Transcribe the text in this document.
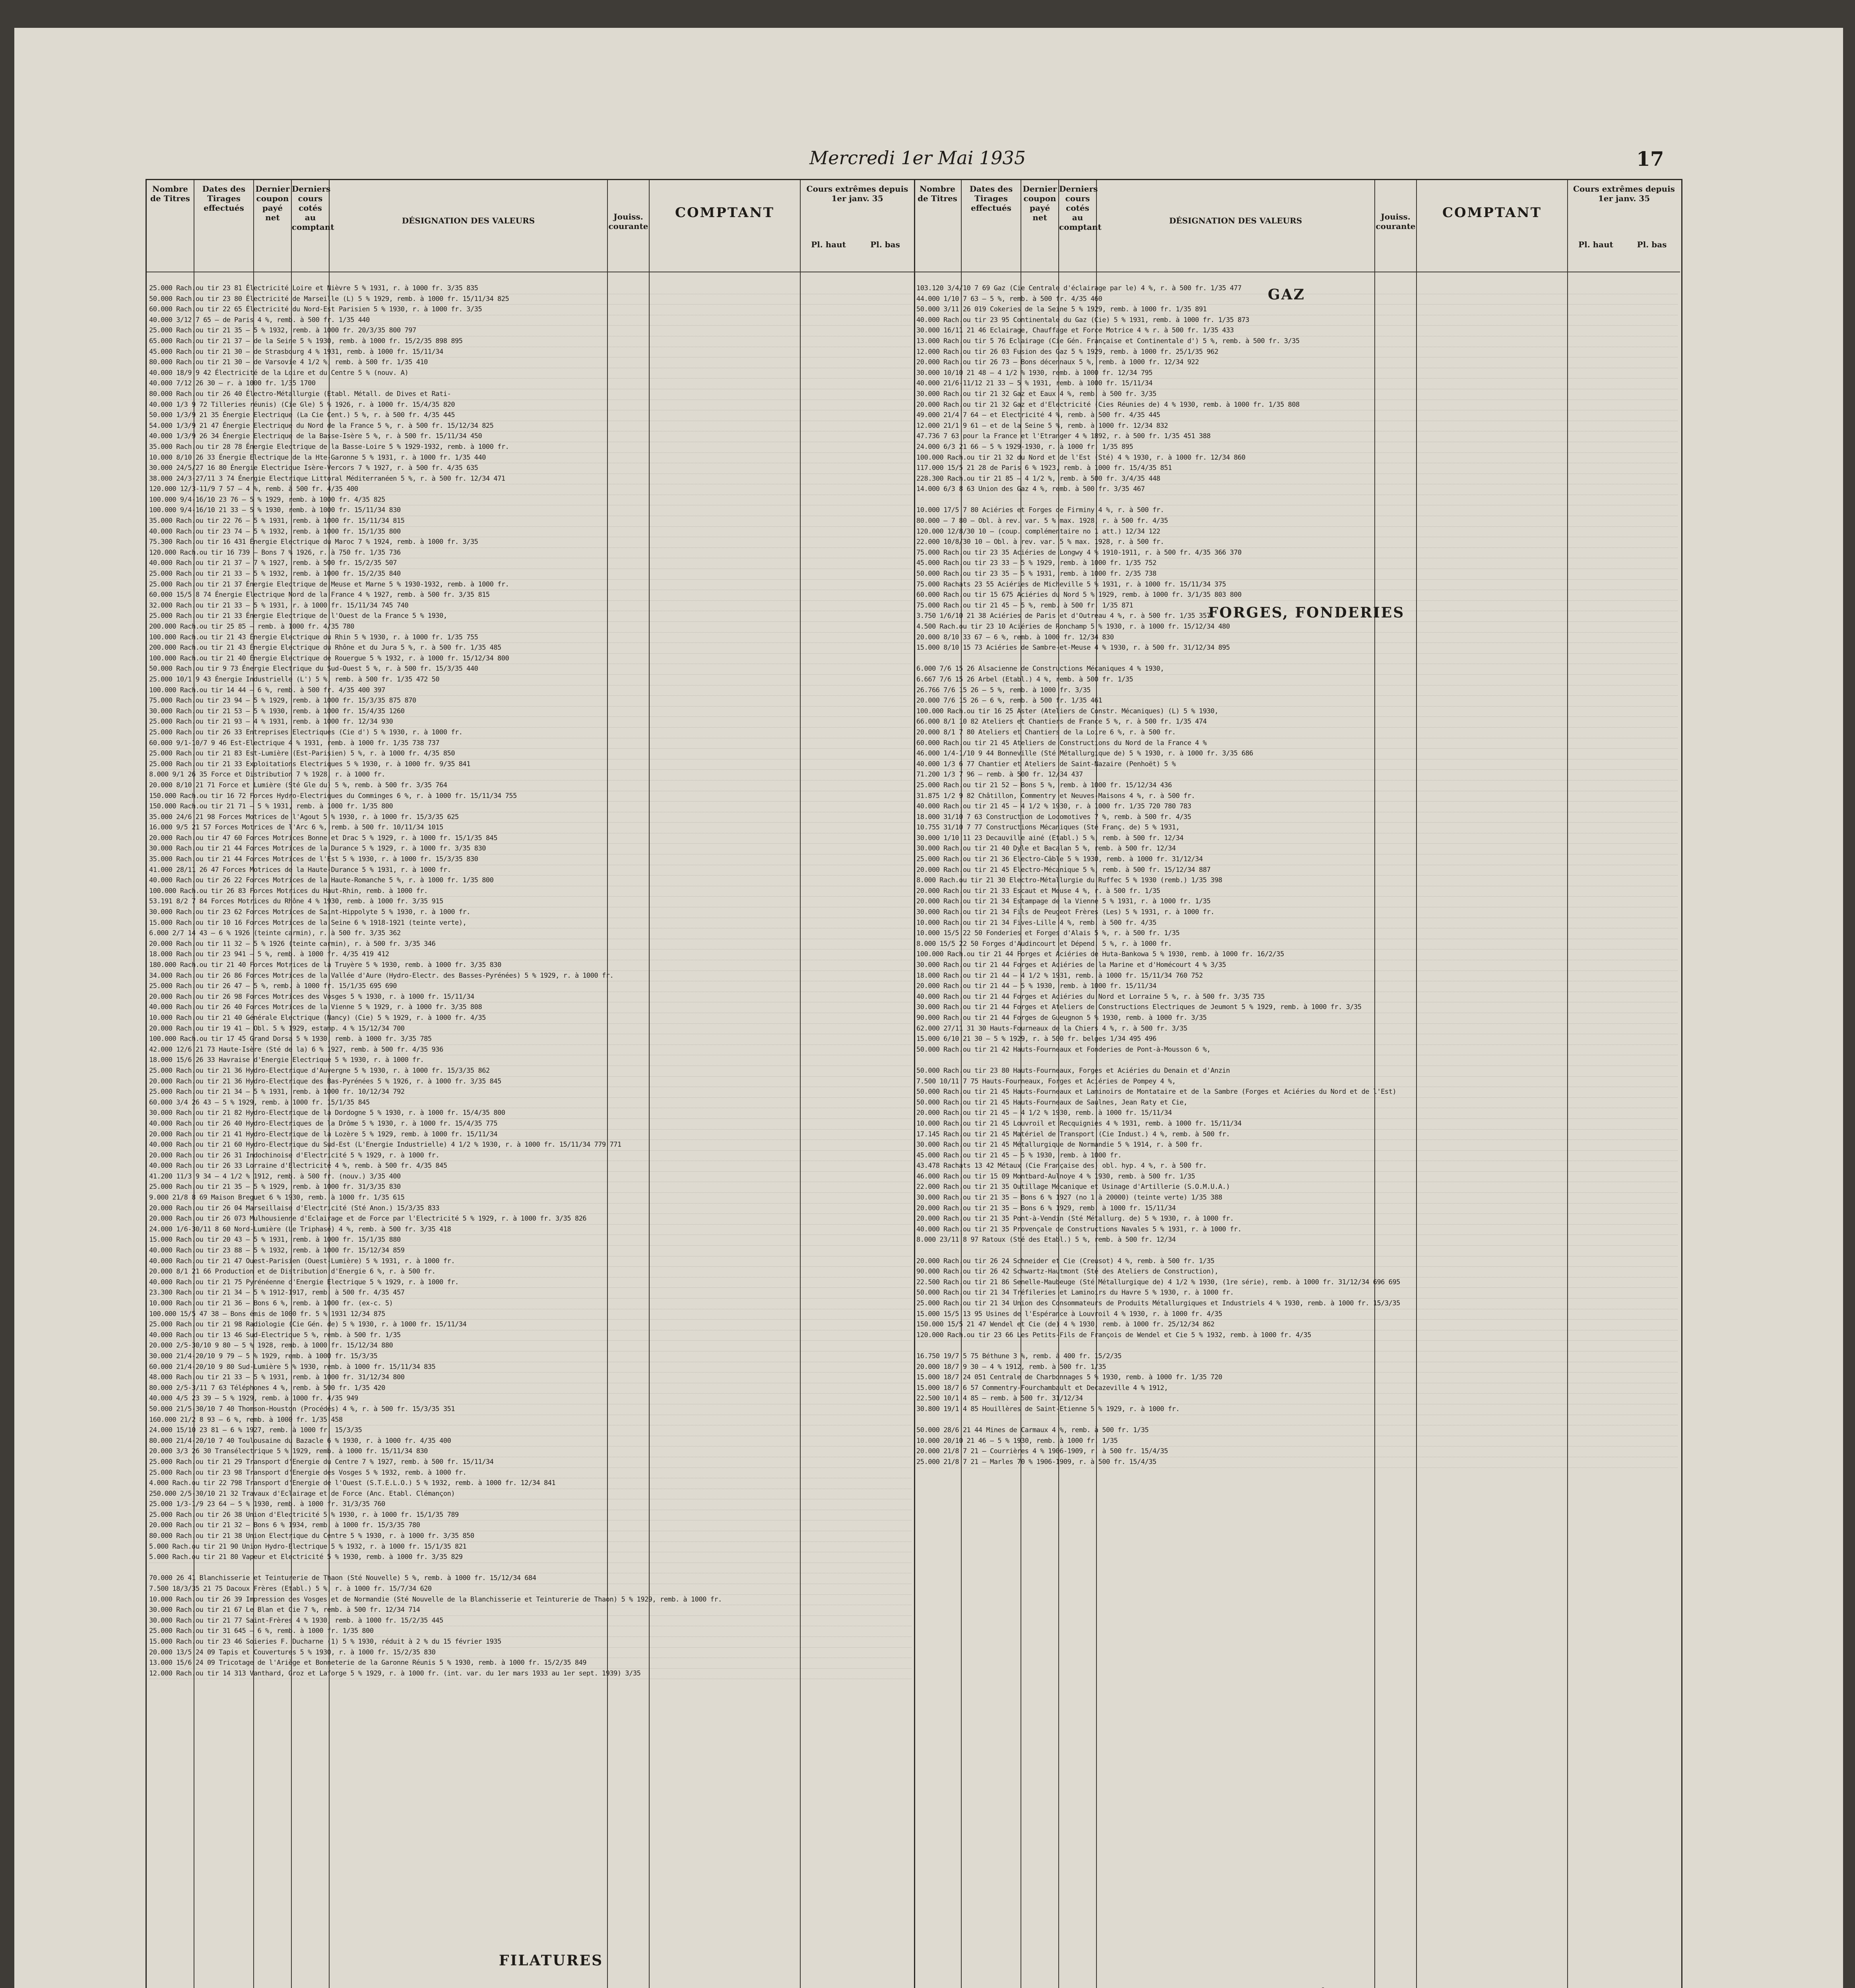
Mercredi 1er Mai 1935	17
Nombre de Titres
Dates des Tirages effectués
Dernier coupon payé net
Derniers cours cotés au comptant
DÉSIGNATION DES VALEURS	Jouiss. courante
COMPTANT
Cours extrêmes depuis 1er janv. 35
Pl. haut	Pl. bas
25.000 Rach.ou tir 23 81 Électricité Loire et Nièvre 5 % 1931, r. à 1000 fr. 3/35 835
50.000 Rach.ou tir 23 80 Électricité de Marseille (L) 5 % 1929, remb. à 1000 fr. 15/11/34 825
60.000 Rach.ou tir 22 65 Électricité du Nord-Est Parisien 5 % 1930, r. à 1000 fr. 3/35
40.000 3/12 7 65 — de Paris 4 %, remb. à 500 fr. 1/35 440
25.000 Rach.ou tir 21 35 — 5 % 1932, remb. à 1000 fr. 20/3/35 800 797
65.000 Rach.ou tir 21 37 — de la Seine 5 % 1930, remb. à 1000 fr. 15/2/35 898 895
45.000 Rach.ou tir 21 30 — de Strasbourg 4 % 1931, remb. à 1000 fr. 15/11/34
80.000 Rach.ou tir 21 30 — de Varsovie 4 1/2 %, remb. à 500 fr. 1/35 410
40.000 18/9 9 42 Électricité de la Loire et du Centre 5 % (nouv. A)
40.000 7/12 26 30 — r. à 1000 fr. 1/35 1700
80.000 Rach.ou tir 26 40 Électro-Métallurgie (Etabl. Métall. de Dives et Rati-
40.000 1/3 9 72 Tilleries réunis) (Cie Gle) 5 % 1926, r. à 1000 fr. 15/4/35 820
50.000 1/3/9 21 35 Énergie Electrique (La Cie Cent.) 5 %, r. à 500 fr. 4/35 445
54.000 1/3/9 21 47 Énergie Electrique du Nord de la France 5 %, r. à 500 fr. 15/12/34 825
40.000 1/3/9 26 34 Énergie Electrique de la Basse-Isère 5 %, r. à 500 fr. 15/11/34 450
35.000 Rach.ou tir 28 78 Énergie Electrique de la Basse-Loire 5 % 1929-1932, remb. à 1000 fr.
10.000 8/10 26 33 Énergie Electrique de la Hte-Garonne 5 % 1931, r. à 1000 fr. 1/35 440
30.000 24/5/27 16 80 Énergie Electrique Isère-Vercors 7 % 1927, r. à 500 fr. 4/35 635
38.000 24/3-27/11 3 74 Énergie Electrique Littoral Méditerranéen 5 %, r. à 500 fr. 12/34 471
120.000 12/3-11/9 7 57 — 4 %, remb. à 500 fr. 4/35 400
100.000 9/4-16/10 23 76 — 5 % 1929, remb. à 1000 fr. 4/35 825
100.000 9/4-16/10 21 33 — 5 % 1930, remb. à 1000 fr. 15/11/34 830
35.000 Rach.ou tir 22 76 — 5 % 1931, remb. à 1000 fr. 15/11/34 815
40.000 Rach.ou tir 23 74 — 5 % 1932, remb. à 1000 fr. 15/1/35 800
75.300 Rach.ou tir 16 431 Énergie Electrique du Maroc 7 % 1924, remb. à 1000 fr. 3/35
120.000 Rach.ou tir 16 739 — Bons 7 % 1926, r. à 750 fr. 1/35 736
40.000 Rach.ou tir 21 37 — 7 % 1927, remb. à 500 fr. 15/2/35 507
25.000 Rach.ou tir 21 33 — 5 % 1932, remb. à 1000 fr. 15/2/35 840
25.000 Rach.ou tir 21 37 Énergie Electrique de Meuse et Marne 5 % 1930-1932, remb. à 1000 fr.
60.000 15/5 8 74 Énergie Electrique Nord de la France 4 % 1927, remb. à 500 fr. 3/35 815
32.000 Rach.ou tir 21 33 — 5 % 1931, r. à 1000 fr. 15/11/34 745 740
25.000 Rach.ou tir 21 33 Énergie Electrique de l'Ouest de la France 5 % 1930,
200.000 Rach.ou tir 25 85 — remb. à 1000 fr. 4/35 780
100.000 Rach.ou tir 21 43 Énergie Electrique du Rhin 5 % 1930, r. à 1000 fr. 1/35 755
200.000 Rach.ou tir 21 43 Énergie Electrique du Rhône et du Jura 5 %, r. à 500 fr. 1/35 485
100.000 Rach.ou tir 21 40 Énergie Electrique de Rouergue 5 % 1932, r. à 1000 fr. 15/12/34 800
50.000 Rach.ou tir 9 73 Énergie Electrique du Sud-Ouest 5 %, r. à 500 fr. 15/3/35 440
25.000 10/1 9 43 Énergie Industrielle (L') 5 %, remb. à 500 fr. 1/35 472 50
100.000 Rach.ou tir 14 44 — 6 %, remb. à 500 fr. 4/35 400 397
75.000 Rach.ou tir 23 94 — 5 % 1929, remb. à 1000 fr. 15/3/35 875 870
30.000 Rach.ou tir 21 53 — 5 % 1930, remb. à 1000 fr. 15/4/35 1260
25.000 Rach.ou tir 21 93 — 4 % 1931, remb. à 1000 fr. 12/34 930
25.000 Rach.ou tir 26 33 Entreprises Electriques (Cie d') 5 % 1930, r. à 1000 fr.
60.000 9/1-10/7 9 46 Est-Electrique 4 % 1931, remb. à 1000 fr. 1/35 738 737
25.000 Rach.ou tir 21 83 Est-Lumière (Est-Parisien) 5 %, r. à 1000 fr. 4/35 850
25.000 Rach.ou tir 21 33 Exploitations Electriques 5 % 1930, r. à 1000 fr. 9/35 841
8.000 9/1 26 35 Force et Distribution 7 % 1928, r. à 1000 fr.
20.000 8/10 21 71 Force et Lumière (Sté Gle du) 5 %, remb. à 500 fr. 3/35 764
150.000 Rach.ou tir 16 72 Forces Hydro-Electriques du Comminges 6 %, r. à 1000 fr. 15/11/34 755
150.000 Rach.ou tir 21 71 — 5 % 1931, remb. à 1000 fr. 1/35 800
35.000 24/6 21 98 Forces Motrices de l'Agout 5 % 1930, r. à 1000 fr. 15/3/35 625
16.000 9/5 21 57 Forces Motrices de l'Arc 6 %, remb. à 500 fr. 10/11/34 1015
20.000 Rach.ou tir 47 60 Forces Motrices Bonne et Drac 5 % 1929, r. à 1000 fr. 15/1/35 845
30.000 Rach.ou tir 21 44 Forces Motrices de la Durance 5 % 1929, r. à 1000 fr. 3/35 830
35.000 Rach.ou tir 21 44 Forces Motrices de l'Est 5 % 1930, r. à 1000 fr. 15/3/35 830
41.000 28/11 26 47 Forces Motrices de la Haute-Durance 5 % 1931, r. à 1000 fr.
40.000 Rach.ou tir 26 22 Forces Motrices de la Haute-Romanche 5 %, r. à 1000 fr. 1/35 800
100.000 Rach.ou tir 26 83 Forces Motrices du Haut-Rhin, remb. à 1000 fr.
53.191 8/2 7 84 Forces Motrices du Rhône 4 % 1930, remb. à 1000 fr. 3/35 915
30.000 Rach.ou tir 23 62 Forces Motrices de Saint-Hippolyte 5 % 1930, r. à 1000 fr.
15.000 Rach.ou tir 10 16 Forces Motrices de la Seine 6 % 1918-1921 (teinte verte),
6.000 2/7 14 43 — 6 % 1926 (teinte carmin), r. à 500 fr. 3/35 362
20.000 Rach.ou tir 11 32 — 5 % 1926 (teinte carmin), r. à 500 fr. 3/35 346
18.000 Rach.ou tir 23 941 — 5 %, remb. à 1000 fr. 4/35 419 412
180.000 Rach.ou tir 21 40 Forces Motrices de la Truyère 5 % 1930, remb. à 1000 fr. 3/35 830
34.000 Rach.ou tir 26 86 Forces Motrices de la Vallée d'Aure (Hydro-Electr. des Basses-Pyrénées) 5 % 1929, r. à 1000 fr.
25.000 Rach.ou tir 26 47 — 5 %, remb. à 1000 fr. 15/1/35 695 690
20.000 Rach.ou tir 26 98 Forces Motrices des Vosges 5 % 1930, r. à 1000 fr. 15/11/34
40.000 Rach.ou tir 26 40 Forces Motrices de la Vienne 5 % 1929, r. à 1000 fr. 3/35 808
10.000 Rach.ou tir 21 40 Générale Electrique (Nancy) (Cie) 5 % 1929, r. à 1000 fr. 4/35
20.000 Rach.ou tir 19 41 — Obl. 5 % 1929, estamp. 4 % 15/12/34 700
100.000 Rach.ou tir 17 45 Grand Dorsa 5 % 1930, remb. à 1000 fr. 3/35 785
42.000 12/6 21 73 Haute-Isère (Sté de la) 6 % 1927, remb. à 500 fr. 4/35 936
18.000 15/6 26 33 Havraise d'Energie Electrique 5 % 1930, r. à 1000 fr.
25.000 Rach.ou tir 21 36 Hydro-Electrique d'Auvergne 5 % 1930, r. à 1000 fr. 15/3/35 862
20.000 Rach.ou tir 21 36 Hydro-Electrique des Bas-Pyrénées 5 % 1926, r. à 1000 fr. 3/35 845
25.000 Rach.ou tir 21 34 — 5 % 1931, remb. à 1000 fr. 10/12/34 792
60.000 3/4 26 43 — 5 % 1929, remb. à 1000 fr. 15/1/35 845
30.000 Rach.ou tir 21 82 Hydro-Electrique de la Dordogne 5 % 1930, r. à 1000 fr. 15/4/35 800
40.000 Rach.ou tir 26 40 Hydro-Electriques de la Drôme 5 % 1930, r. à 1000 fr. 15/4/35 775
20.000 Rach.ou tir 21 41 Hydro-Electrique de la Lozère 5 % 1929, remb. à 1000 fr. 15/11/34
40.000 Rach.ou tir 21 60 Hydro-Electrique du Sud-Est (L'Energie Industrielle) 4 1/2 % 1930, r. à 1000 fr. 15/11/34 779 771
20.000 Rach.ou tir 26 31 Indochinoise d'Electricité 5 % 1929, r. à 1000 fr.
40.000 Rach.ou tir 26 33 Lorraine d'Electricité 4 %, remb. à 500 fr. 4/35 845
41.200 11/3 9 34 — 4 1/2 % 1912, remb. à 500 fr. (nouv.) 3/35 400
25.000 Rach.ou tir 21 35 — 5 % 1929, remb. à 1000 fr. 31/3/35 830
9.000 21/8 8 69 Maison Breguet 6 % 1930, remb. à 1000 fr. 1/35 615
20.000 Rach.ou tir 26 04 Marseillaise d'Electricité (Sté Anon.) 15/3/35 833
20.000 Rach.ou tir 26 073 Mulhousienne d'Eclairage et de Force par l'Electricité 5 % 1929, r. à 1000 fr. 3/35 826
24.000 1/6-30/11 8 60 Nord-Lumière (Le Triphasé) 4 %, remb. à 500 fr. 3/35 418
15.000 Rach.ou tir 20 43 — 5 % 1931, remb. à 1000 fr. 15/1/35 880
40.000 Rach.ou tir 23 88 — 5 % 1932, remb. à 1000 fr. 15/12/34 859
40.000 Rach.ou tir 21 47 Ouest-Parisien (Ouest-Lumière) 5 % 1931, r. à 1000 fr.
20.000 8/1 21 66 Production et de Distribution d'Energie 6 %, r. à 500 fr.
40.000 Rach.ou tir 21 75 Pyrénéenne d'Energie Electrique 5 % 1929, r. à 1000 fr.
23.300 Rach.ou tir 21 34 — 5 % 1912-1917, remb. à 500 fr. 4/35 457
10.000 Rach.ou tir 21 36 — Bons 6 %, remb. à 1000 fr. (ex-c. 5)
100.000 15/5 47 38 — Bons émis de 1000 fr. 5 % 1931 12/34 875
25.000 Rach.ou tir 21 98 Radiologie (Cie Gén. de) 5 % 1930, r. à 1000 fr. 15/11/34
40.000 Rach.ou tir 13 46 Sud-Electrique 5 %, remb. à 500 fr. 1/35
20.000 2/5-30/10 9 80 — 5 % 1928, remb. à 1000 fr. 15/12/34 880
30.000 21/4-20/10 9 79 — 5 % 1929, remb. à 1000 fr. 15/3/35
60.000 21/4-20/10 9 80 Sud-Lumière 5 % 1930, remb. à 1000 fr. 15/11/34 835
48.000 Rach.ou tir 21 33 — 5 % 1931, remb. à 1000 fr. 31/12/34 800
80.000 2/5-3/11 7 63 Téléphones 4 %, remb. à 500 fr. 1/35 420
40.000 4/5 23 39 — 5 % 1929, remb. à 1000 fr. 4/35 949
50.000 21/5-30/10 7 40 Thomson-Houston (Procédés) 4 %, r. à 500 fr. 15/3/35 351
160.000 21/2 8 93 — 6 %, remb. à 1000 fr. 1/35 458
24.000 15/10 23 81 — 6 % 1927, remb. à 1000 fr. 15/3/35
80.000 21/4-20/10 7 40 Toulousaine du Bazacle 6 % 1930, r. à 1000 fr. 4/35 400
20.000 3/3 26 30 Transélectrique 5 % 1929, remb. à 1000 fr. 15/11/34 830
25.000 Rach.ou tir 21 29 Transport d'Energie du Centre 7 % 1927, remb. à 500 fr. 15/11/34
25.000 Rach.ou tir 23 98 Transport d'Energie des Vosges 5 % 1932, remb. à 1000 fr.
4.000 Rach.ou tir 22 798 Transport d'Energie de l'Ouest (S.T.E.L.O.) 5 % 1932, remb. à 1000 fr. 12/34 841
250.000 2/5-30/10 21 32 Travaux d'Eclairage et de Force (Anc. Etabl. Clémançon)
25.000 1/3-1/9 23 64 — 5 % 1930, remb. à 1000 fr. 31/3/35 760
25.000 Rach.ou tir 26 38 Union d'Electricité 5 % 1930, r. à 1000 fr. 15/1/35 789
20.000 Rach.ou tir 21 32 — Bons 6 % 1934, remb. à 1000 fr. 15/3/35 780
80.000 Rach.ou tir 21 38 Union Electrique du Centre 5 % 1930, r. à 1000 fr. 3/35 850
5.000 Rach.ou tir 21 90 Union Hydro-Electrique 5 % 1932, r. à 1000 fr. 15/1/35 821
5.000 Rach.ou tir 21 80 Vapeur et Electricité 5 % 1930, remb. à 1000 fr. 3/35 829
70.000 26 41 Blanchisserie et Teinturerie de Thaon (Sté Nouvelle) 5 %, remb. à 1000 fr. 15/12/34 684
7.500 18/3/35 21 75 Dacoux Frères (Etabl.) 5 %, r. à 1000 fr. 15/7/34 620
10.000 Rach.ou tir 26 39 Impression des Vosges et de Normandie (Sté Nouvelle de la Blanchisserie et Teinturerie de Thaon) 5 % 1929, remb. à 1000 fr.
30.000 Rach.ou tir 21 67 Le Blan et Cie 7 %, remb. à 500 fr. 12/34 714
30.000 Rach.ou tir 21 77 Saint-Frères 4 % 1930, remb. à 1000 fr. 15/2/35 445
25.000 Rach.ou tir 31 645 — 6 %, remb. à 1000 fr. 1/35 800
15.000 Rach.ou tir 23 46 Soieries F. Ducharne (1) 5 % 1930, réduit à 2 % du 15 février 1935
20.000 13/5 24 09 Tapis et Couvertures 5 % 1930, r. à 1000 fr. 15/2/35 830
13.000 15/6 24 09 Tricotage de l'Ariège et Bonneterie de la Garonne Réunis 5 % 1930, remb. à 1000 fr. 15/2/35 849
12.000 Rach.ou tir 14 313 Vanthard, Groz et Laforge 5 % 1929, r. à 1000 fr. (int. var. du 1er mars 1933 au 1er sept. 1939) 3/35
Nombre de Titres
Dates des Tirages effectués
Dernier coupon payé net
Derniers cours cotés au comptant
DÉSIGNATION DES VALEURS	Jouiss. courante
COMPTANT
Cours extrêmes depuis 1er janv. 35
Pl. haut	Pl. bas
103.120 3/4/10 7 69 Gaz (Cie Centrale d'éclairage par le) 4 %, r. à 500 fr. 1/35 477
44.000 1/10 7 63 — 5 %, remb. à 500 fr. 4/35 460
50.000 3/11 26 019 Cokeries de la Seine 5 % 1929, remb. à 1000 fr. 1/35 891
40.000 Rach.ou tir 23 95 Continentale du Gaz (Cie) 5 % 1931, remb. à 1000 fr. 1/35 873
30.000 16/11 21 46 Eclairage, Chauffage et Force Motrice 4 % r. à 500 fr. 1/35 433
13.000 Rach.ou tir 5 76 Eclairage (Cie Gén. Française et Continentale d') 5 %, remb. à 500 fr. 3/35
12.000 Rach.ou tir 26 03 Fusion des Gaz 5 % 1929, remb. à 1000 fr. 25/1/35 962
20.000 Rach.ou tir 26 73 — Bons décennaux 5 %, remb. à 1000 fr. 12/34 922
30.000 10/10 21 48 — 4 1/2 % 1930, remb. à 1000 fr. 12/34 795
40.000 21/6-11/12 21 33 — 5 % 1931, remb. à 1000 fr. 15/11/34
30.000 Rach.ou tir 21 32 Gaz et Eaux 4 %, remb. à 500 fr. 3/35
20.000 Rach.ou tir 21 32 Gaz et d'Electricité (Cies Réunies de) 4 % 1930, remb. à 1000 fr. 1/35 808
49.000 21/4 7 64 — et Electricité 4 %, remb. à 500 fr. 4/35 445
12.000 21/1 9 61 — et de la Seine 5 %, remb. à 1000 fr. 12/34 832
47.736 7 63 pour la France et l'Etranger 4 % 1892, r. à 500 fr. 1/35 451 388
24.000 6/3 21 66 — 5 % 1929-1930, r. à 1000 fr. 1/35 895
100.000 Rach.ou tir 21 32 du Nord et de l'Est (Sté) 4 % 1930, r. à 1000 fr. 12/34 860
117.000 15/5 21 28 de Paris 6 % 1923, remb. à 1000 fr. 15/4/35 851
228.300 Rach.ou tir 21 85 — 4 1/2 %, remb. à 500 fr. 3/4/35 448
14.000 6/3 8 63 Union des Gaz 4 %, remb. à 500 fr. 3/35 467
10.000 17/5 7 80 Aciéries et Forges de Firminy 4 %, r. à 500 fr.
80.000 — 7 80 — Obl. à rev. var. 5 % max. 1928, r. à 500 fr. 4/35
120.000 12/8/30 10 — (coup. complémentaire no 1 att.) 12/34 122
22.000 10/8/30 10 — Obl. à rev. var. 5 % max. 1928, r. à 500 fr.
75.000 Rach.ou tir 23 35 Aciéries de Longwy 4 % 1910-1911, r. à 500 fr. 4/35 366 370
45.000 Rach.ou tir 23 33 — 5 % 1929, remb. à 1000 fr. 1/35 752
50.000 Rach.ou tir 23 35 — 5 % 1931, remb. à 1000 fr. 2/35 738
75.000 Rachats 23 55 Aciéries de Micheville 5 % 1931, r. à 1000 fr. 15/11/34 375
60.000 Rach.ou tir 15 675 Aciéries du Nord 5 % 1929, remb. à 1000 fr. 3/1/35 803 800
75.000 Rach.ou tir 21 45 — 5 %, remb. à 500 fr. 1/35 871
3.750 1/6/10 21 38 Aciéries de Paris et d'Outreau 4 %, r. à 500 fr. 1/35 357
4.500 Rach.ou tir 23 10 Aciéries de Ronchamp 5 % 1930, r. à 1000 fr. 15/12/34 480
20.000 8/10 33 67 — 6 %, remb. à 1000 fr. 12/34 830
15.000 8/10 15 73 Aciéries de Sambre-et-Meuse 4 % 1930, r. à 500 fr. 31/12/34 895
6.000 7/6 15 26 Alsacienne de Constructions Mécaniques 4 % 1930,
6.667 7/6 15 26 Arbel (Etabl.) 4 %, remb. à 500 fr. 1/35
26.766 7/6 15 26 — 5 %, remb. à 1000 fr. 3/35
20.000 7/6 15 26 — 6 %, remb. à 500 fr. 1/35 461
100.000 Rach.ou tir 16 25 Aster (Ateliers de Constr. Mécaniques) (L) 5 % 1930,
66.000 8/1 10 82 Ateliers et Chantiers de France 5 %, r. à 500 fr. 1/35 474
20.000 8/1 7 80 Ateliers et Chantiers de la Loire 6 %, r. à 500 fr.
60.000 Rach.ou tir 21 45 Ateliers de Constructions du Nord de la France 4 %
46.000 1/4-1/10 9 44 Bonneville (Sté Métallurgique de) 5 % 1930, r. à 1000 fr. 3/35 686
40.000 1/3 6 77 Chantier et Ateliers de Saint-Nazaire (Penhoët) 5 %
71.200 1/3 7 96 — remb. à 500 fr. 12/34 437
25.000 Rach.ou tir 21 52 — Bons 5 %, remb. à 1000 fr. 15/12/34 436
31.875 1/2 9 82 Châtillon, Commentry et Neuves-Maisons 4 %, r. à 500 fr.
40.000 Rach.ou tir 21 45 — 4 1/2 % 1930, r. à 1000 fr. 1/35 720 780 783
18.000 31/10 7 63 Construction de Locomotives 7 %, remb. à 500 fr. 4/35
10.755 31/10 7 77 Constructions Mécaniques (Sté Franç. de) 5 % 1931,
30.000 1/10 11 23 Decauville ainé (Etabl.) 5 %, remb. à 500 fr. 12/34
30.000 Rach.ou tir 21 40 Dyle et Bacalan 5 %, remb. à 500 fr. 12/34
25.000 Rach.ou tir 21 36 Electro-Câble 5 % 1930, remb. à 1000 fr. 31/12/34
20.000 Rach.ou tir 21 45 Electro-Mécanique 5 %, remb. à 500 fr. 15/12/34 887
8.000 Rach.ou tir 21 30 Electro-Métallurgie du Ruffec 5 % 1930 (remb.) 1/35 398
20.000 Rach.ou tir 21 33 Escaut et Meuse 4 %, r. à 500 fr. 1/35
20.000 Rach.ou tir 21 34 Estampage de la Vienne 5 % 1931, r. à 1000 fr. 1/35
30.000 Rach.ou tir 21 34 Fils de Peugeot Frères (Les) 5 % 1931, r. à 1000 fr.
10.000 Rach.ou tir 21 34 Fives-Lille 4 %, remb. à 500 fr. 4/35
10.000 15/5 22 50 Fonderies et Forges d'Alais 5 %, r. à 500 fr. 1/35
8.000 15/5 22 50 Forges d'Audincourt et Dépend. 5 %, r. à 1000 fr.
100.000 Rach.ou tir 21 44 Forges et Aciéries de Huta-Bankowa 5 % 1930, remb. à 1000 fr. 16/2/35
30.000 Rach.ou tir 21 44 Forges et Aciéries de la Marine et d'Homécourt 4 % 3/35
18.000 Rach.ou tir 21 44 — 4 1/2 % 1931, remb. à 1000 fr. 15/11/34 760 752
20.000 Rach.ou tir 21 44 — 5 % 1930, remb. à 1000 fr. 15/11/34
40.000 Rach.ou tir 21 44 Forges et Aciéries du Nord et Lorraine 5 %, r. à 500 fr. 3/35 735
30.000 Rach.ou tir 21 44 Forges et Ateliers de Constructions Electriques de Jeumont 5 % 1929, remb. à 1000 fr. 3/35
90.000 Rach.ou tir 21 44 Forges de Gueugnon 5 % 1930, remb. à 1000 fr. 3/35
62.000 27/11 31 30 Hauts-Fourneaux de la Chiers 4 %, r. à 500 fr. 3/35
15.000 6/10 21 30 — 5 % 1929, r. à 500 fr. belges 1/34 495 496
50.000 Rach.ou tir 21 42 Hauts-Fourneaux et Fonderies de Pont-à-Mousson 6 %,
50.000 Rach.ou tir 23 80 Hauts-Fourneaux, Forges et Aciéries du Denain et d'Anzin
7.500 10/11 7 75 Hauts-Fourneaux, Forges et Aciéries de Pompey 4 %,
50.000 Rach.ou tir 21 45 Hauts-Fourneaux et Laminoirs de Montataire et de la Sambre (Forges et Aciéries du Nord et de l'Est)
50.000 Rach.ou tir 21 45 Hauts-Fourneaux de Saulnes, Jean Raty et Cie,
20.000 Rach.ou tir 21 45 — 4 1/2 % 1930, remb. à 1000 fr. 15/11/34
10.000 Rach.ou tir 21 45 Louvroil et Recquignies 4 % 1931, remb. à 1000 fr. 15/11/34
17.145 Rach.ou tir 21 45 Matériel de Transport (Cie Indust.) 4 %, remb. à 500 fr.
30.000 Rach.ou tir 21 45 Métallurgique de Normandie 5 % 1914, r. à 500 fr.
45.000 Rach.ou tir 21 45 — 5 % 1930, remb. à 1000 fr.
43.478 Rachats 13 42 Métaux (Cie Française des) obl. hyp. 4 %, r. à 500 fr.
46.000 Rach.ou tir 15 09 Montbard-Aulnoye 4 % 1930, remb. à 500 fr. 1/35
22.000 Rach.ou tir 21 35 Outillage Mécanique et Usinage d'Artillerie (S.O.M.U.A.)
30.000 Rach.ou tir 21 35 — Bons 6 % 1927 (no 1 à 20000) (teinte verte) 1/35 388
20.000 Rach.ou tir 21 35 — Bons 6 % 1929, remb. à 1000 fr. 15/11/34
20.000 Rach.ou tir 21 35 Pont-à-Vendin (Sté Métallurg. de) 5 % 1930, r. à 1000 fr.
40.000 Rach.ou tir 21 35 Provençale de Constructions Navales 5 % 1931, r. à 1000 fr.
8.000 23/11 8 97 Ratoux (Sté des Etabl.) 5 %, remb. à 500 fr. 12/34
20.000 Rach.ou tir 26 24 Schneider et Cie (Creusot) 4 %, remb. à 500 fr. 1/35
90.000 Rach.ou tir 26 42 Schwartz-Hautmont (Sté des Ateliers de Construction),
22.500 Rach.ou tir 21 86 Senelle-Maubeuge (Sté Métallurgique de) 4 1/2 % 1930, (1re série), remb. à 1000 fr. 31/12/34 696 695
50.000 Rach.ou tir 21 34 Tréfileries et Laminoirs du Havre 5 % 1930, r. à 1000 fr.
25.000 Rach.ou tir 21 34 Union des Consommateurs de Produits Métallurgiques et Industriels 4 % 1930, remb. à 1000 fr. 15/3/35
15.000 15/5 13 95 Usines de l'Espérance à Louvroil 4 % 1930, r. à 1000 fr. 4/35
150.000 15/5 21 47 Wendel et Cie (de) 4 % 1930, remb. à 1000 fr. 25/12/34 862
120.000 Rach.ou tir 23 66 Les Petits-Fils de François de Wendel et Cie 5 % 1932, remb. à 1000 fr. 4/35
16.750 19/7 5 75 Béthune 3 %, remb. à 400 fr. 15/2/35
20.000 18/7 9 30 — 4 % 1912, remb. à 500 fr. 1/35
15.000 18/7 24 051 Centrale de Charbonnages 5 % 1930, remb. à 1000 fr. 1/35 720
15.000 18/7 6 57 Commentry-Fourchambault et Decazeville 4 % 1912,
22.500 10/1 4 85 — remb. à 500 fr. 31/12/34
30.800 19/1 4 85 Houillères de Saint-Etienne 5 % 1929, r. à 1000 fr.
50.000 28/6 21 44 Mines de Carmaux 4 %, remb. à 500 fr. 1/35
10.000 20/10 21 46 — 5 % 1930, remb. à 1000 fr. 1/35
20.000 21/8 7 21 — Courrières 4 % 1906-1909, r. à 500 fr. 15/4/35
25.000 21/8 7 21 — Marles 70 % 1906-1909, r. à 500 fr. 15/4/35
FILATURES
GAZ
FORGES, FONDERIES
